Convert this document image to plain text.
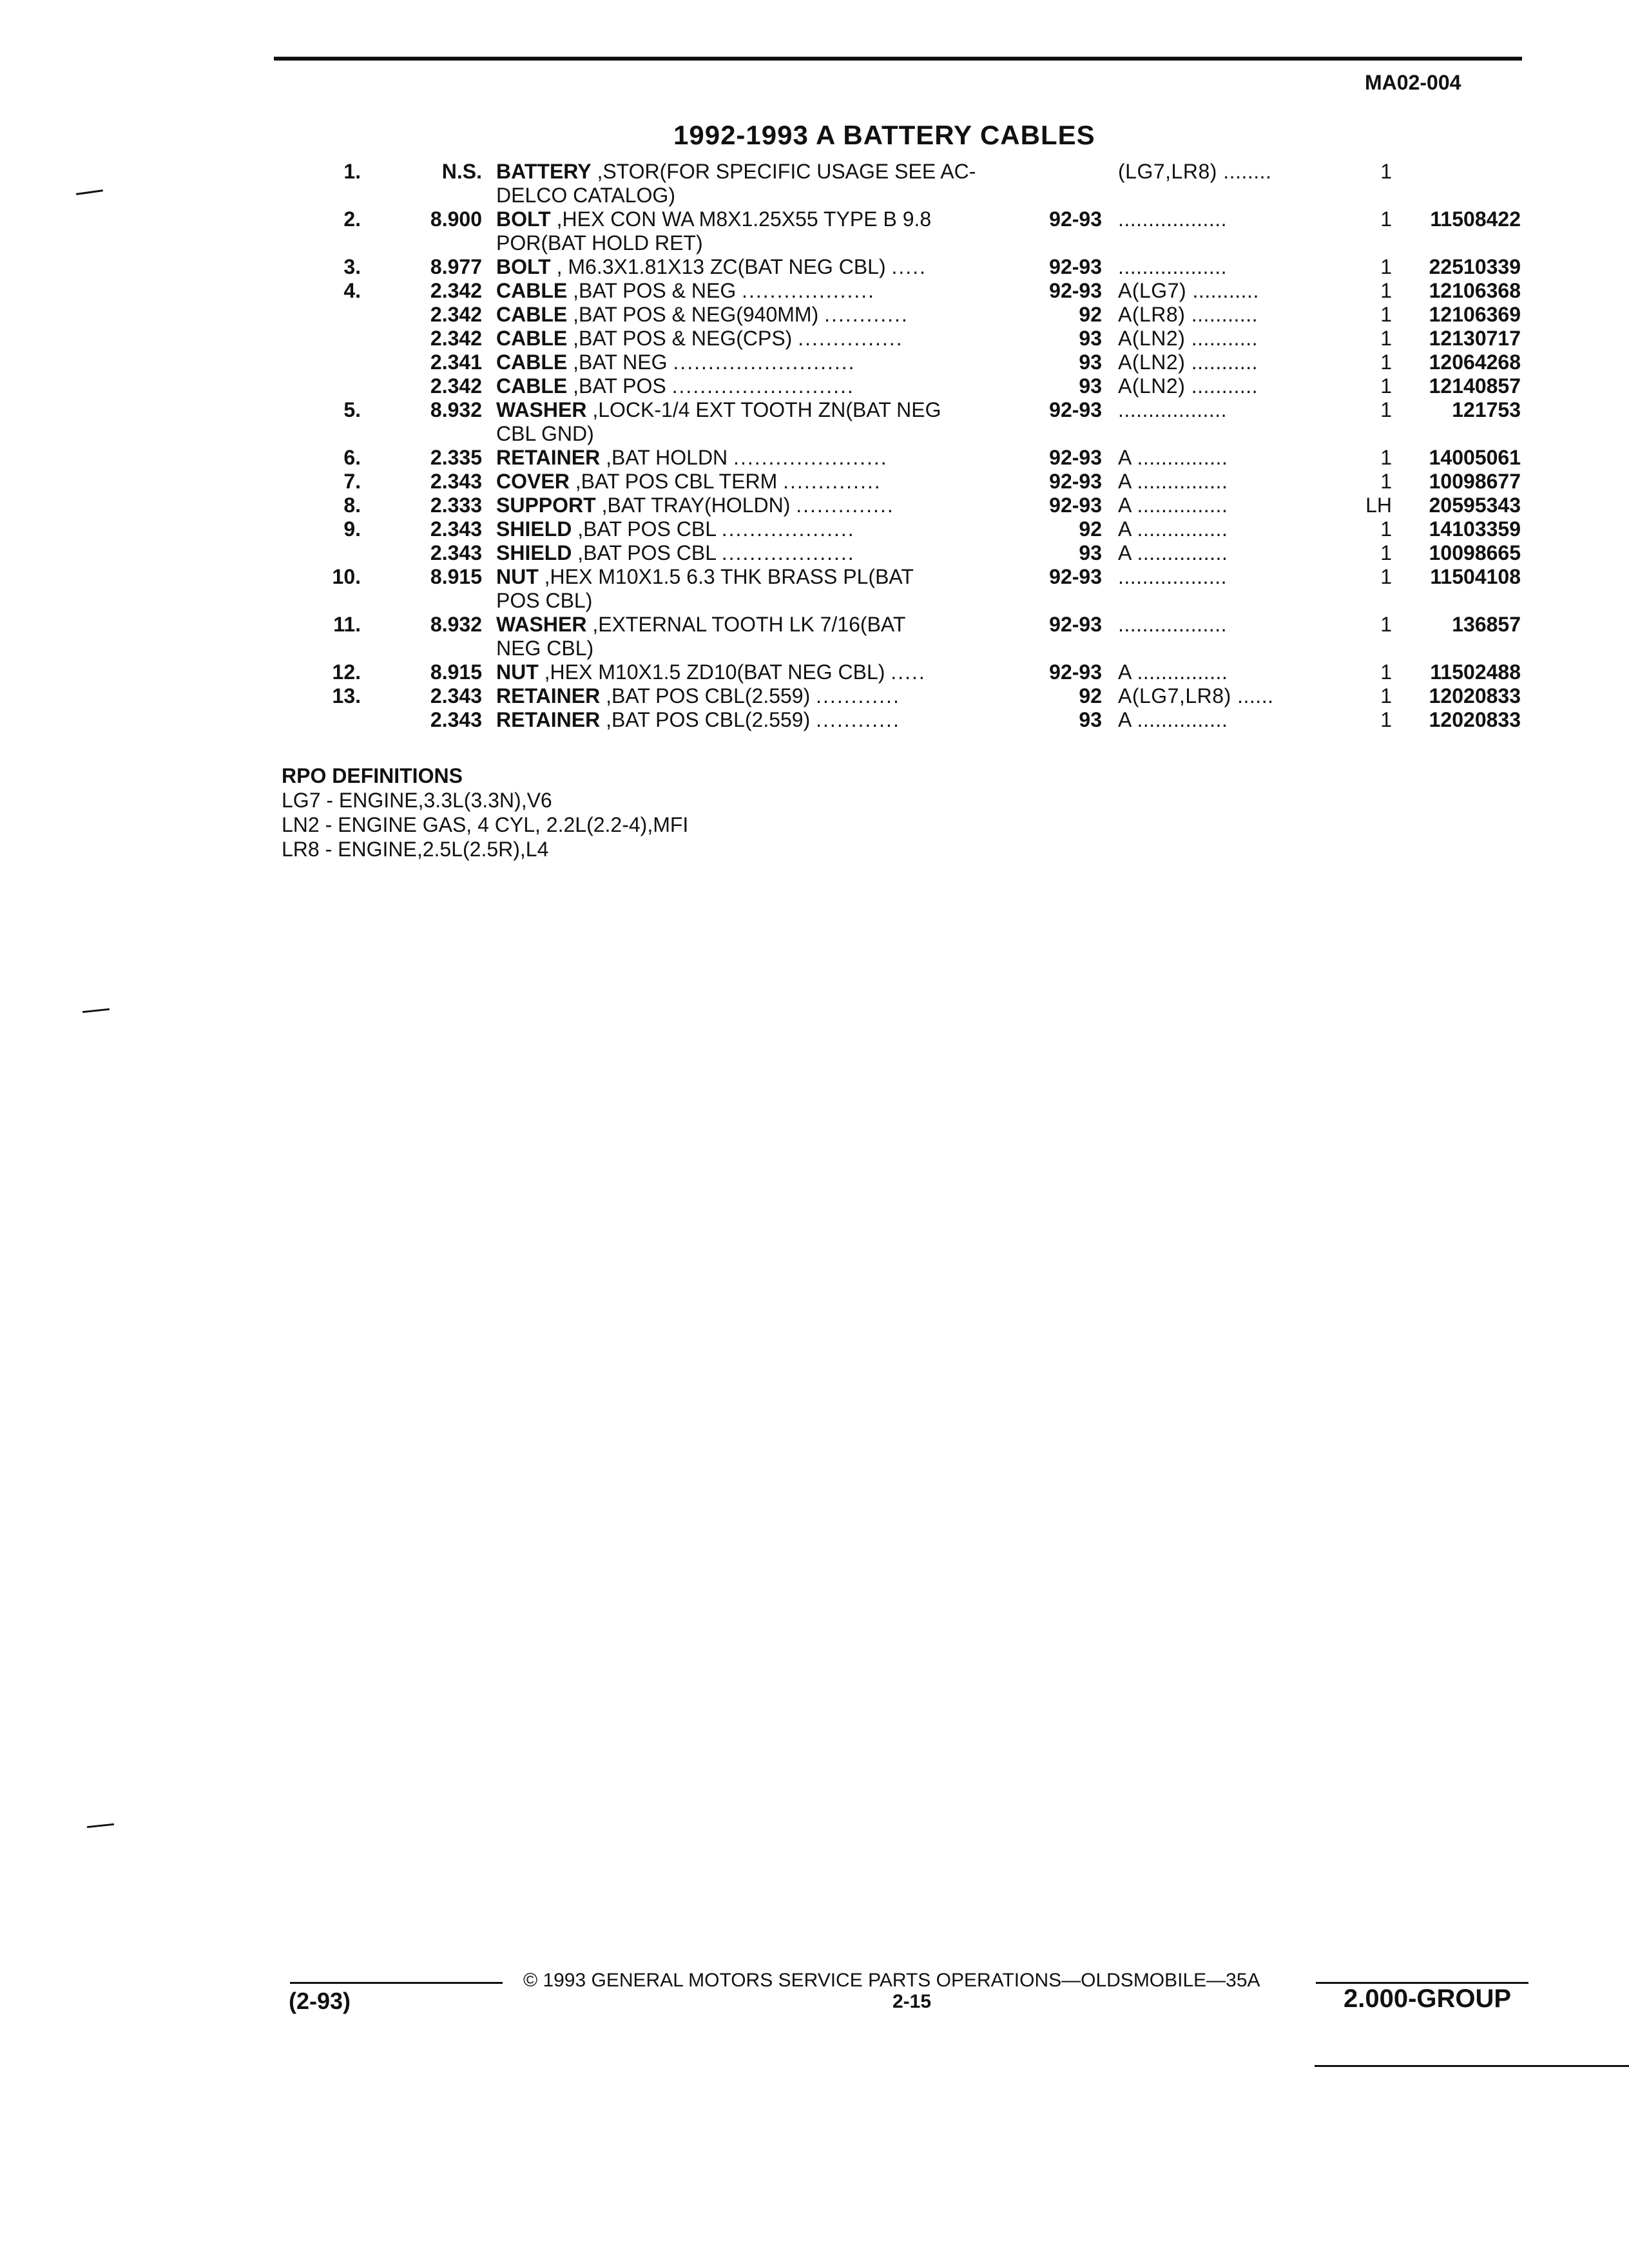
MA02-004
1992-1993 A BATTERY CABLES
1.	N.S. BATTERY ,STOR(FOR SPECIFIC USAGE SEE AC-
DELCO CATALOG)
(LG7,LR8) ........	1
2.	8.900 BOLT ,HEX CON WA M8X1.25X55 TYPE B 9.8
POR(BAT HOLD RET)
92-93 ..................	1	11508422
3.	8.977 BOLT , M6.3X1.81X13 ZC(BAT NEG CBL) .....	92-93 ..................	1	22510339
4.	2.342 CABLE ,BAT POS & NEG ...................	92-93 A(LG7) ...........	1	12106368
2.342 CABLE ,BAT POS & NEG(940MM) ............	92 A(LR8) ...........	1	12106369
2.342 CABLE ,BAT POS & NEG(CPS) ...............	93 A(LN2) ...........	1	12130717
2.341 CABLE ,BAT NEG ..........................	93 A(LN2) ...........	1	12064268
2.342 CABLE ,BAT POS ..........................	93 A(LN2) ...........	1	12140857
5.	8.932 WASHER ,LOCK-1/4 EXT TOOTH ZN(BAT NEG
CBL GND)
92-93 ..................	1	121753
6.	2.335 RETAINER ,BAT HOLDN ......................	92-93 A ...............	1	14005061
7.	2.343 COVER ,BAT POS CBL TERM ..............	92-93 A ...............	1	10098677
8.	2.333 SUPPORT ,BAT TRAY(HOLDN) ..............	92-93 A ...............	LH	20595343
9.	2.343 SHIELD ,BAT POS CBL ...................	92 A ...............	1	14103359
2.343 SHIELD ,BAT POS CBL ...................	93 A ...............	1	10098665
10.	8.915 NUT ,HEX M10X1.5 6.3 THK BRASS PL(BAT
POS CBL)
92-93 ..................	1	11504108
11.	8.932 WASHER ,EXTERNAL TOOTH LK 7/16(BAT
NEG CBL)
92-93 ..................	1	136857
12.	8.915 NUT ,HEX M10X1.5 ZD10(BAT NEG CBL) .....	92-93 A ...............	1	11502488
13.	2.343 RETAINER ,BAT POS CBL(2.559) ............	92 A(LG7,LR8) ......	1	12020833
2.343 RETAINER ,BAT POS CBL(2.559) ............	93 A ...............	1	12020833
RPO DEFINITIONS
LG7 - ENGINE,3.3L(3.3N),V6
LN2 - ENGINE GAS, 4 CYL, 2.2L(2.2-4),MFI
LR8 - ENGINE,2.5L(2.5R),L4
© 1993 GENERAL MOTORS SERVICE PARTS OPERATIONS—OLDSMOBILE—35A
(2-93)	2-15	2.000-GROUP
